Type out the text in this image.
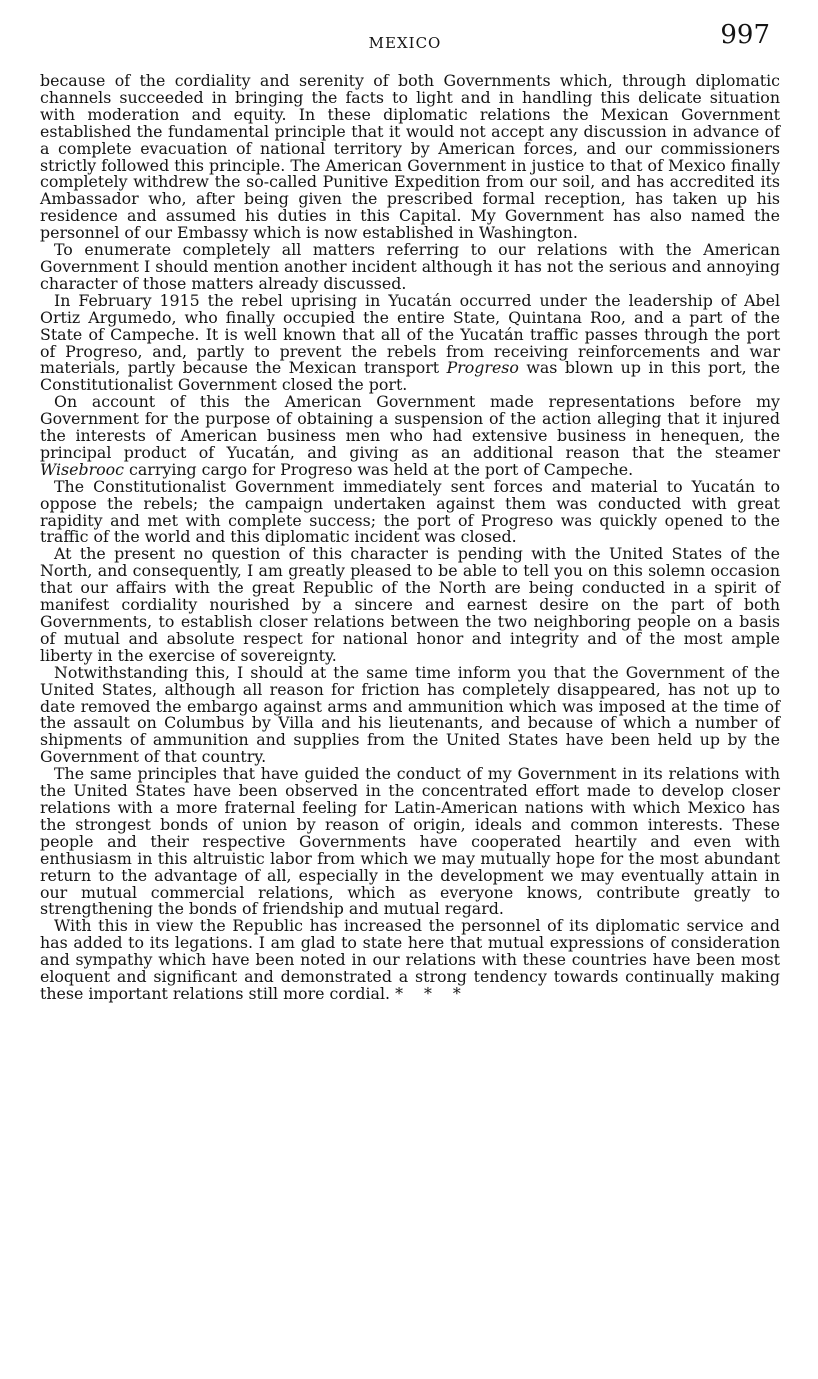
MEXICO	997

because of the cordiality and serenity of both Governments which, through diplomatic channels succeeded in bringing the facts to light and in handling this delicate situation with moderation and equity. In these diplomatic relations the Mexican Government established the fundamental principle that it would not accept any discussion in advance of a complete evacuation of national territory by American forces, and our commissioners strictly followed this principle. The American Government in justice to that of Mexico finally completely withdrew the so-called Punitive Expedition from our soil, and has accredited its Ambassador who, after being given the prescribed formal reception, has taken up his residence and assumed his duties in this Capital. My Government has also named the personnel of our Embassy which is now established in Washington.

To enumerate completely all matters referring to our relations with the American Government I should mention another incident although it has not the serious and annoying character of those matters already discussed.

In February 1915 the rebel uprising in Yucatán occurred under the leadership of Abel Ortiz Argumedo, who finally occupied the entire State, Quintana Roo, and a part of the State of Campeche. It is well known that all of the Yucatán traffic passes through the port of Progreso, and, partly to prevent the rebels from receiving reinforcements and war materials, partly because the Mexican transport Progreso was blown up in this port, the Constitutionalist Government closed the port.

On account of this the American Government made representations before my Government for the purpose of obtaining a suspension of the action alleging that it injured the interests of American business men who had extensive business in henequen, the principal product of Yucatán, and giving as an additional reason that the steamer Wisebrooc carrying cargo for Progreso was held at the port of Campeche.

The Constitutionalist Government immediately sent forces and material to Yucatán to oppose the rebels; the campaign undertaken against them was conducted with great rapidity and met with complete success; the port of Progreso was quickly opened to the traffic of the world and this diplomatic incident was closed.

At the present no question of this character is pending with the United States of the North, and consequently, I am greatly pleased to be able to tell you on this solemn occasion that our affairs with the great Republic of the North are being conducted in a spirit of manifest cordiality nourished by a sincere and earnest desire on the part of both Governments, to establish closer relations between the two neighboring people on a basis of mutual and absolute respect for national honor and integrity and of the most ample liberty in the exercise of sovereignty.

Notwithstanding this, I should at the same time inform you that the Government of the United States, although all reason for friction has completely disappeared, has not up to date removed the embargo against arms and ammunition which was imposed at the time of the assault on Columbus by Villa and his lieutenants, and because of which a number of shipments of ammunition and supplies from the United States have been held up by the Government of that country.

The same principles that have guided the conduct of my Government in its relations with the United States have been observed in the concentrated effort made to develop closer relations with a more fraternal feeling for Latin-American nations with which Mexico has the strongest bonds of union by reason of origin, ideals and common interests. These people and their respective Governments have cooperated heartily and even with enthusiasm in this altruistic labor from which we may mutually hope for the most abundant return to the advantage of all, especially in the development we may eventually attain in our mutual commercial relations, which as everyone knows, contribute greatly to strengthening the bonds of friendship and mutual regard.

With this in view the Republic has increased the personnel of its diplomatic service and has added to its legations. I am glad to state here that mutual expressions of consideration and sympathy which have been noted in our relations with these countries have been most eloquent and significant and demonstrated a strong tendency towards continually making these important relations still more cordial. * * *
